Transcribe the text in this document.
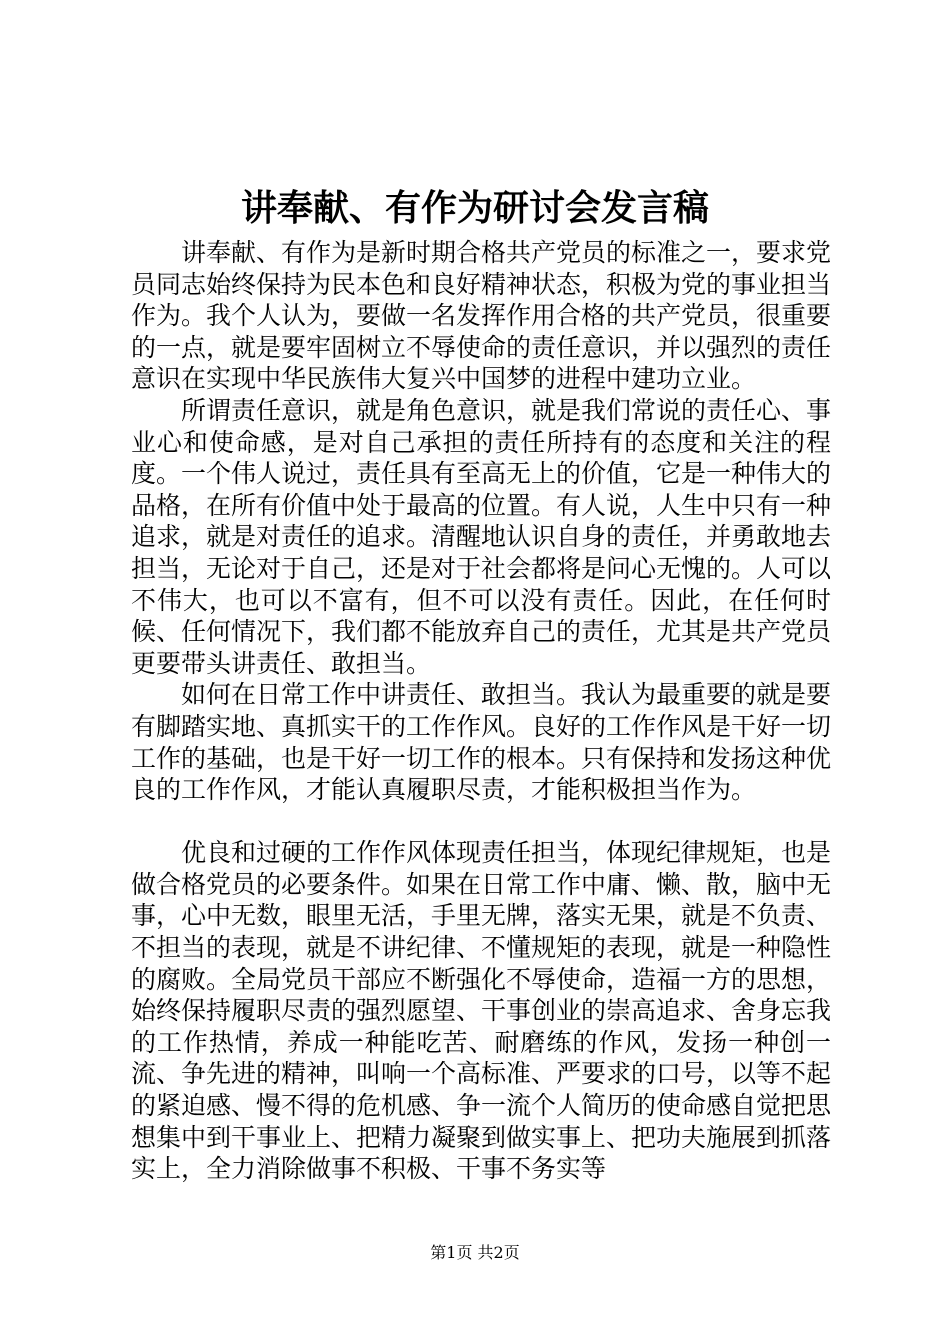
讲奉献、有作为研讨会发言稿

讲奉献、有作为是新时期合格共产党员的标准之一，要求党员同志始终保持为民本色和良好精神状态，积极为党的事业担当作为。我个人认为，要做一名发挥作用合格的共产党员，很重要的一点，就是要牢固树立不辱使命的责任意识，并以强烈的责任意识在实现中华民族伟大复兴中国梦的进程中建功立业。

所谓责任意识，就是角色意识，就是我们常说的责任心、事业心和使命感，是对自己承担的责任所持有的态度和关注的程度。一个伟人说过，责任具有至高无上的价值，它是一种伟大的品格，在所有价值中处于最高的位置。有人说，人生中只有一种追求，就是对责任的追求。清醒地认识自身的责任，并勇敢地去担当，无论对于自己，还是对于社会都将是问心无愧的。人可以不伟大，也可以不富有，但不可以没有责任。因此，在任何时候、任何情况下，我们都不能放弃自己的责任，尤其是共产党员更要带头讲责任、敢担当。

如何在日常工作中讲责任、敢担当。我认为最重要的就是要有脚踏实地、真抓实干的工作作风。良好的工作作风是干好一切工作的基础，也是干好一切工作的根本。只有保持和发扬这种优良的工作作风，才能认真履职尽责，才能积极担当作为。

优良和过硬的工作作风体现责任担当，体现纪律规矩，也是做合格党员的必要条件。如果在日常工作中庸、懒、散，脑中无事，心中无数，眼里无活，手里无牌，落实无果，就是不负责、不担当的表现，就是不讲纪律、不懂规矩的表现，就是一种隐性的腐败。全局党员干部应不断强化不辱使命，造福一方的思想，始终保持履职尽责的强烈愿望、干事创业的崇高追求、舍身忘我的工作热情，养成一种能吃苦、耐磨练的作风，发扬一种创一流、争先进的精神，叫响一个高标准、严要求的口号，以等不起的紧迫感、慢不得的危机感、争一流个人简历的使命感自觉把思想集中到干事业上、把精力凝聚到做实事上、把功夫施展到抓落实上，全力消除做事不积极、干事不务实等

第1页 共2页
